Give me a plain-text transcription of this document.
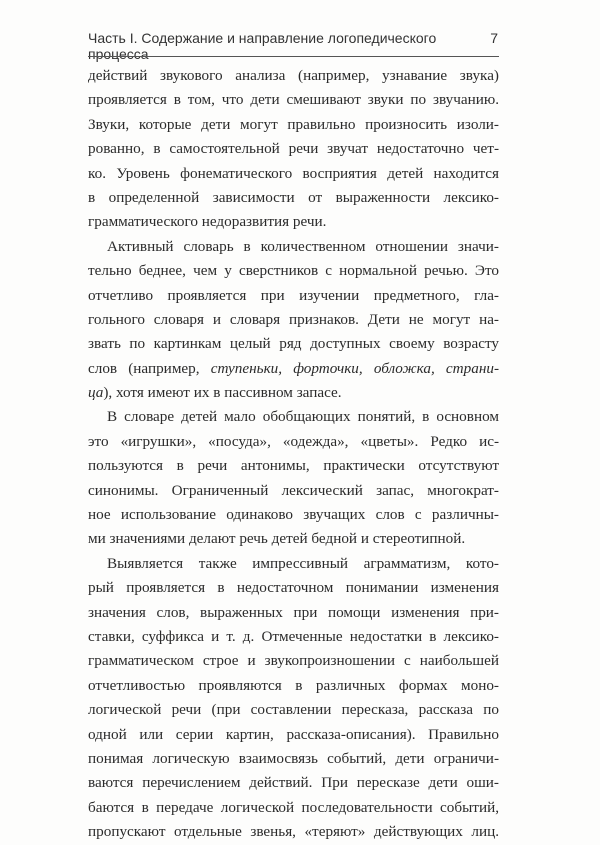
Часть I. Содержание и направление логопедического процесса
7
действий звукового анализа (например, узнавание звука)
проявляется в том, что дети смешивают звуки по звучанию.
Звуки, которые дети могут правильно произносить изоли-
рованно, в самостоятельной речи звучат недостаточно чет-
ко. Уровень фонематического восприятия детей находится
в определенной зависимости от выраженности лексико-
грамматического недоразвития речи.
Активный словарь в количественном отношении значи-
тельно беднее, чем у сверстников с нормальной речью. Это
отчетливо проявляется при изучении предметного, гла-
гольного словаря и словаря признаков. Дети не могут на-
звать по картинкам целый ряд доступных своему возрасту
слов (например, ступеньки, форточки, обложка, страни-
ца), хотя имеют их в пассивном запасе.
В словаре детей мало обобщающих понятий, в основном
это «игрушки», «посуда», «одежда», «цветы». Редко ис-
пользуются в речи антонимы, практически отсутствуют
синонимы. Ограниченный лексический запас, многократ-
ное использование одинаково звучащих слов с различны-
ми значениями делают речь детей бедной и стереотипной.
Выявляется также импрессивный аграмматизм, кото-
рый проявляется в недостаточном понимании изменения
значения слов, выраженных при помощи изменения при-
ставки, суффикса и т. д. Отмеченные недостатки в лексико-
грамматическом строе и звукопроизношении с наибольшей
отчетливостью проявляются в различных формах моно-
логической речи (при составлении пересказа, рассказа по
одной или серии картин, рассказа-описания). Правильно
понимая логическую взаимосвязь событий, дети ограничи-
ваются перечислением действий. При пересказе дети оши-
баются в передаче логической последовательности событий,
пропускают отдельные звенья, «теряют» действующих лиц.
